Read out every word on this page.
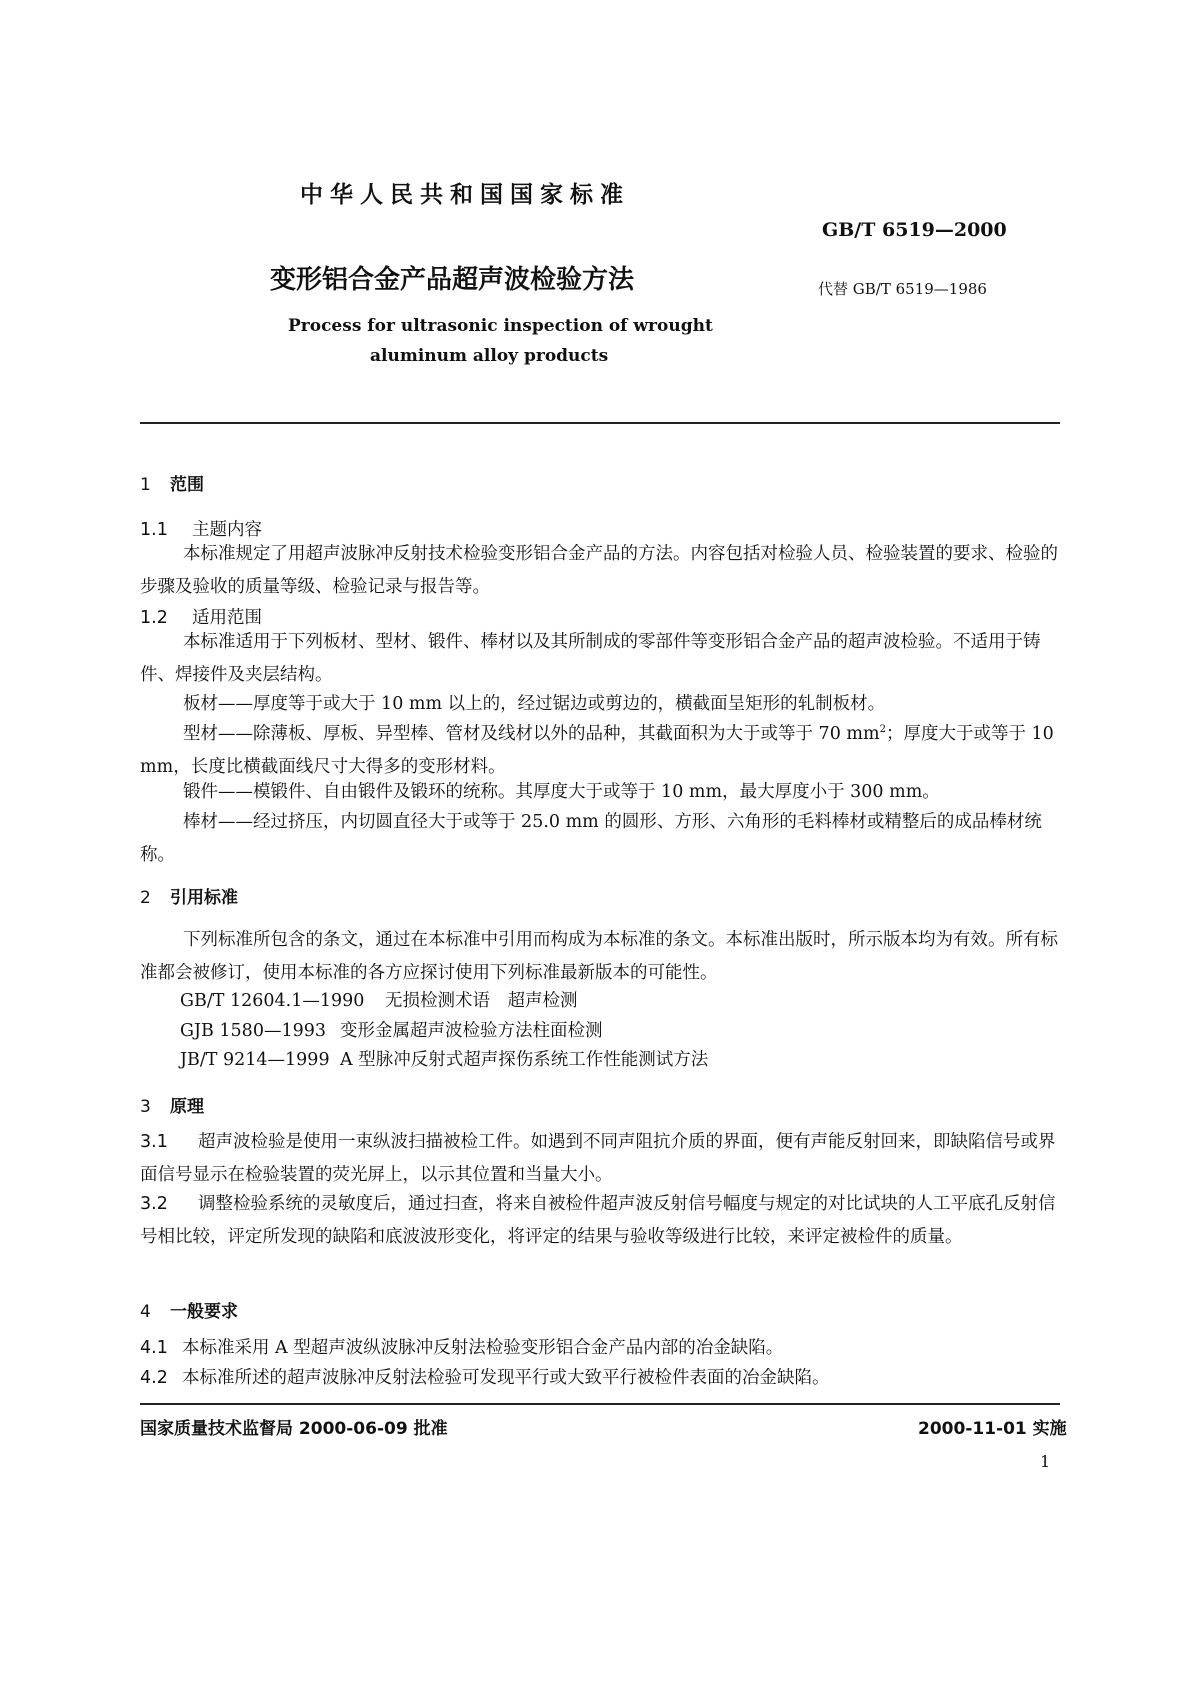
中华人民共和国国家标准
GB/T 6519—2000
变形铝合金产品超声波检验方法	代替 GB/T 6519—1986
Process for ultrasonic inspection of wrought
aluminum alloy products
1 范围
1.1 主题内容
本标准规定了用超声波脉冲反射技术检验变形铝合金产品的方法。内容包括对检验人员、检验装置的要求、检验的步骤及验收的质量等级、检验记录与报告等。
1.2 适用范围
本标准适用于下列板材、型材、锻件、棒材以及其所制成的零部件等变形铝合金产品的超声波检验。不适用于铸件、焊接件及夹层结构。
板材——厚度等于或大于 10 mm 以上的，经过锯边或剪边的，横截面呈矩形的轧制板材。
型材——除薄板、厚板、异型棒、管材及线材以外的品种，其截面积为大于或等于 70 $mm^2$；厚度大于或等于 10 mm，长度比横截面线尺寸大得多的变形材料。
锻件——模锻件、自由锻件及锻环的统称。其厚度大于或等于 10 mm，最大厚度小于 300 mm。
棒材——经过挤压，内切圆直径大于或等于 25.0 mm 的圆形、方形、六角形的毛料棒材或精整后的成品棒材统称。
2 引用标准
下列标准所包含的条文，通过在本标准中引用而构成为本标准的条文。本标准出版时，所示版本均为有效。所有标准都会被修订，使用本标准的各方应探讨使用下列标准最新版本的可能性。
GB/T 12604.1—1990 无损检测术语　超声检测
GJB 1580—1993 变形金属超声波检验方法柱面检测
JB/T 9214—1999 A 型脉冲反射式超声探伤系统工作性能测试方法
3 原理
3.1 超声波检验是使用一束纵波扫描被检工件。如遇到不同声阻抗介质的界面，便有声能反射回来，即缺陷信号或界面信号显示在检验装置的荧光屏上，以示其位置和当量大小。
3.2 调整检验系统的灵敏度后，通过扫查，将来自被检件超声波反射信号幅度与规定的对比试块的人工平底孔反射信号相比较，评定所发现的缺陷和底波波形变化，将评定的结果与验收等级进行比较，来评定被检件的质量。
4 一般要求
4.1 本标准采用 A 型超声波纵波脉冲反射法检验变形铝合金产品内部的冶金缺陷。
4.2 本标准所述的超声波脉冲反射法检验可发现平行或大致平行被检件表面的冶金缺陷。
国家质量技术监督局 2000-06-09 批准	2000-11-01 实施
1
